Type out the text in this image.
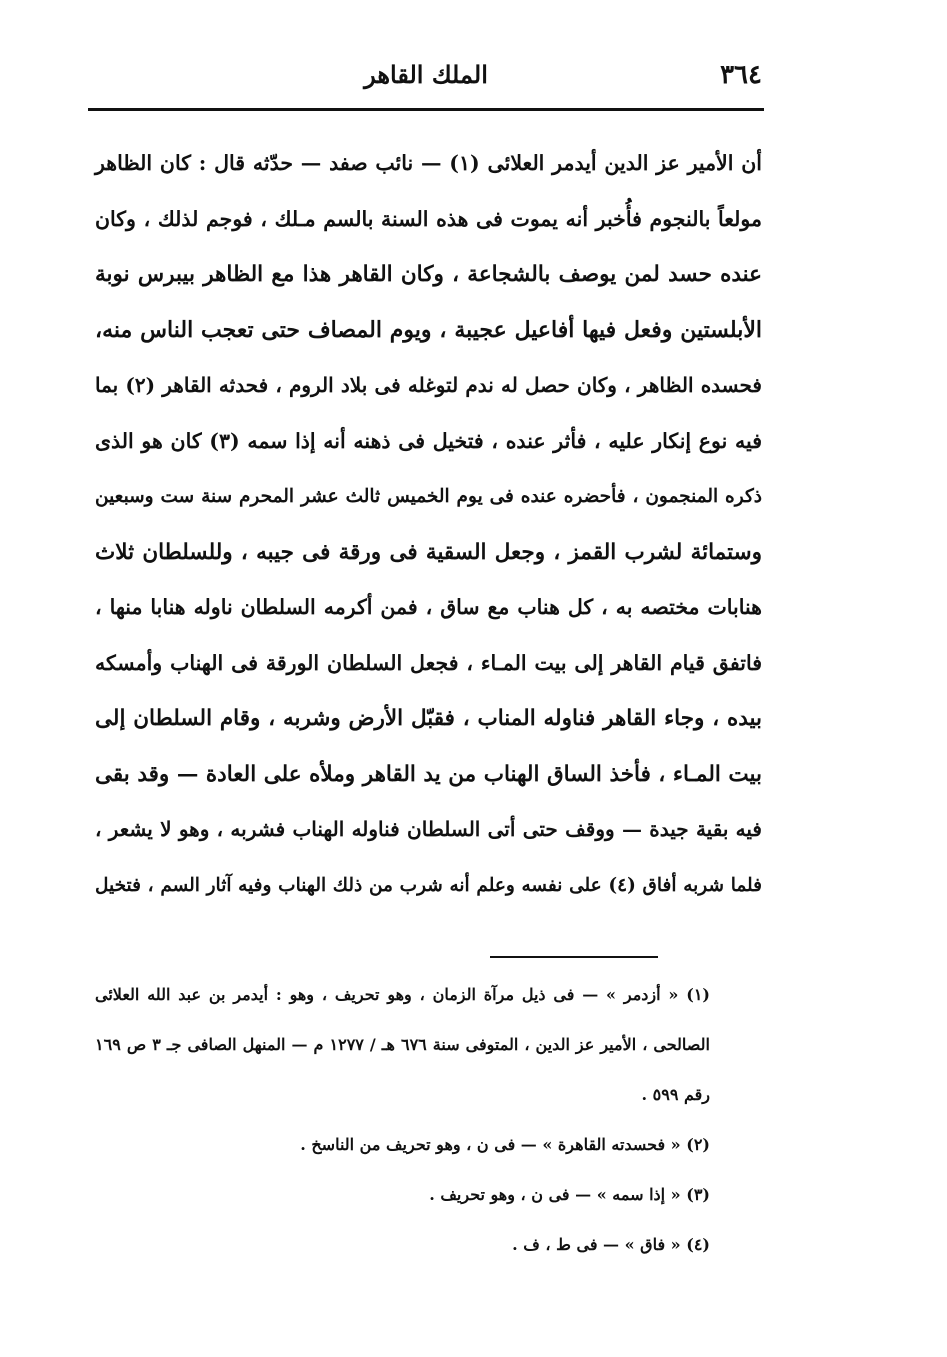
٣٦٤
الملك القاهر
أن الأمير عز الدين أيدمر العلائى (١) — نائب صفد — حدّثه قال : كان الظاهر
مولعاً بالنجوم فأُخبر أنه يموت فى هذه السنة بالسم مـلك ، فوجم لذلك ، وكان
عنده حسد لمن يوصف بالشجاعة ، وكان القاهر هذا مع الظاهر بيبرس نوبة
الأبلستين وفعل فيها أفاعيل عجيبة ، ويوم المصاف حتى تعجب الناس منه،
فحسده الظاهر ، وكان حصل له ندم لتوغله فى بلاد الروم ، فحدثه القاهر (٢) بما
فيه نوع إنكار عليه ، فأثر عنده ، فتخيل فى ذهنه أنه إذا سمه (٣) كان هو الذى
ذكره المنجمون ، فأحضره عنده فى يوم الخميس ثالث عشر المحرم سنة ست وسبعين
وستمائة لشرب القمز ، وجعل السقية فى ورقة فى جيبه ، وللسلطان ثلاث
هنابات مختصه به ، كل هناب مع ساق ، فمن أكرمه السلطان ناوله هنابا منها ،
فاتفق قيام القاهر إلى بيت المـاء ، فجعل السلطان الورقة فى الهناب وأمسكه
بيده ، وجاء القاهر فناوله المناب ، فقبّل الأرض وشربه ، وقام السلطان إلى
بيت المـاء ، فأخذ الساق الهناب من يد القاهر وملأه على العادة — وقد بقى
فيه بقية جيدة — ووقف حتى أتى السلطان فناوله الهناب فشربه ، وهو لا يشعر ،
فلما شربه أفاق (٤) على نفسه وعلم أنه شرب من ذلك الهناب وفيه آثار السم ، فتخيل
(١) « أزدمر » — فى ذيل مرآة الزمان ، وهو تحريف ، وهو : أيدمر بن عبد الله العلائى
الصالحى ، الأمير عز الدين ، المتوفى سنة ٦٧٦ هـ / ١٢٧٧ م — المنهل الصافى جـ ٣ ص ١٦٩
رقم ٥٩٩ .
(٢) « فحسدته القاهرة » — فى ن ، وهو تحريف من الناسخ .
(٣) « إذا سمه » — فى ن ، وهو تحريف .
(٤) « فاق » — فى ط ، ف .
